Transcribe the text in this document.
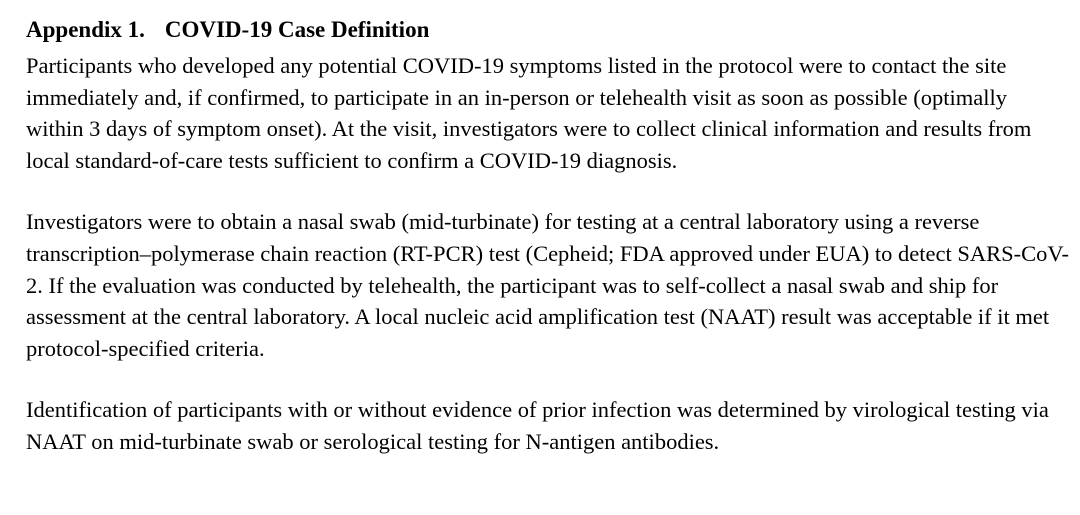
Appendix 1. COVID-19 Case Definition

Participants who developed any potential COVID-19 symptoms listed in the protocol were to contact the site immediately and, if confirmed, to participate in an in-person or telehealth visit as soon as possible (optimally within 3 days of symptom onset). At the visit, investigators were to collect clinical information and results from local standard-of-care tests sufficient to confirm a COVID-19 diagnosis.

Investigators were to obtain a nasal swab (mid-turbinate) for testing at a central laboratory using a reverse transcription–polymerase chain reaction (RT-PCR) test (Cepheid; FDA approved under EUA) to detect SARS-CoV-2. If the evaluation was conducted by telehealth, the participant was to self-collect a nasal swab and ship for assessment at the central laboratory. A local nucleic acid amplification test (NAAT) result was acceptable if it met protocol-specified criteria.

Identification of participants with or without evidence of prior infection was determined by virological testing via NAAT on mid-turbinate swab or serological testing for N-antigen antibodies.
